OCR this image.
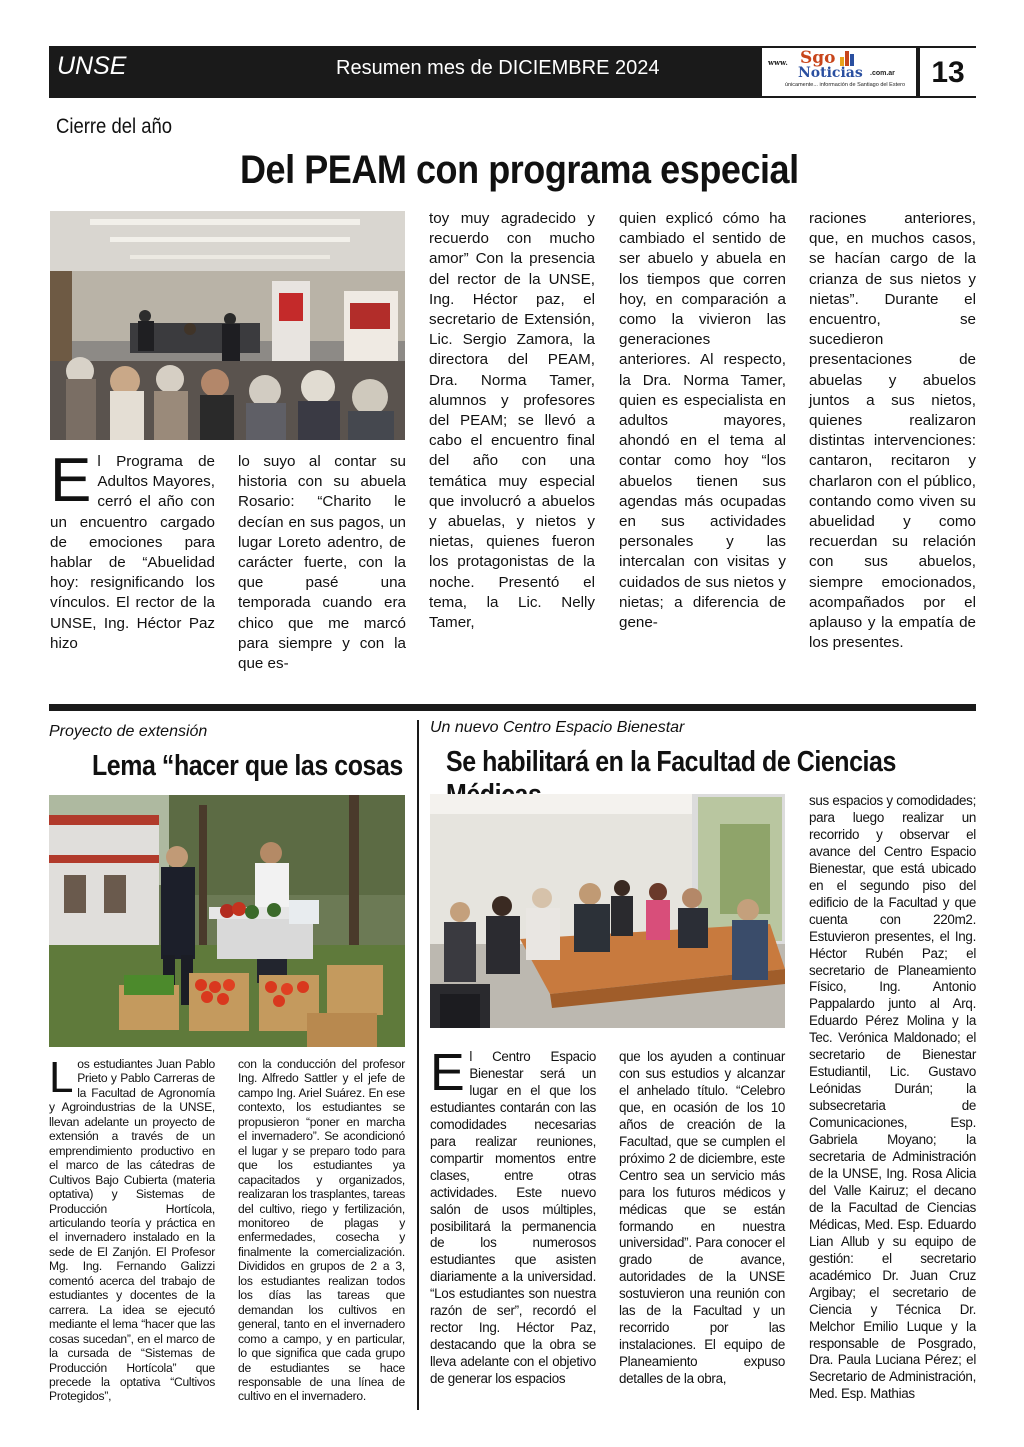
UNSE	Resumen mes de DICIEMBRE 2024	www. Sgo
Noticias .com.ar
únicamente... información de Santiago del Estero 13
Cierre del año
Del PEAM con programa especial
E l Programa de Adultos Mayores, cerró el año con un encuentro cargado de emociones para hablar de “Abuelidad hoy: resignificando los vínculos. El rector de la UNSE, Ing. Héctor Paz hizo
lo suyo al contar su historia con su abuela Rosario: “Charito le decían en sus pagos, un lugar Loreto adentro, de carácter fuerte, con la que pasé una temporada cuando era chico que me marcó para siempre y con la que es-
toy muy agradecido y recuerdo con mucho amor” Con la presencia del rector de la UNSE, Ing. Héctor paz, el secretario de Extensión, Lic. Sergio Zamora, la directora del PEAM, Dra. Norma Tamer, alumnos y profesores del PEAM; se llevó a cabo el encuentro final del año con una temática muy especial que involucró a abuelos y abuelas, y nietos y nietas, quienes fueron los protagonistas de la noche. Presentó el tema, la Lic. Nelly Tamer,
quien explicó cómo ha cambiado el sentido de ser abuelo y abuela en los tiempos que corren hoy, en comparación a como la vivieron las generaciones anteriores. Al respecto, la Dra. Norma Tamer, quien es especialista en adultos mayores, ahondó en el tema al contar como hoy “los abuelos tienen sus agendas más ocupadas en sus actividades personales y las intercalan con visitas y cuidados de sus nietos y nietas; a diferencia de gene-
raciones anteriores, que, en muchos casos, se hacían cargo de la crianza de sus nietos y nietas”. Durante el encuentro, se sucedieron presentaciones de abuelas y abuelos juntos a sus nietos, quienes realizaron distintas intervenciones: cantaron, recitaron y charlaron con el público, contando como viven su abuelidad y como recuerdan su relación con sus abuelos, siempre emocionados, acompañados por el aplauso y la empatía de los presentes.
Proyecto de extensión
Lema “hacer que las cosas
L os estudiantes Juan Pablo Prieto y Pablo Carreras de la Facultad de Agronomía y Agroindustrias de la UNSE, llevan adelante un proyecto de extensión a través de un emprendimiento productivo en el marco de las cátedras de Cultivos Bajo Cubierta (materia optativa) y Sistemas de Producción Hortícola, articulando teoría y práctica en el invernadero instalado en la sede de El Zanjón. El Profesor Mg. Ing. Fernando Galizzi comentó acerca del trabajo de estudiantes y docentes de la carrera. La idea se ejecutó mediante el lema “hacer que las cosas sucedan”, en el marco de la cursada de “Sistemas de Producción Hortícola” que precede la optativa “Cultivos Protegidos”,
con la conducción del profesor Ing. Alfredo Sattler y el jefe de campo Ing. Ariel Suárez. En ese contexto, los estudiantes se propusieron “poner en marcha el invernadero”. Se acondicionó el lugar y se preparo todo para que los estudiantes ya capacitados y organizados, realizaran los trasplantes, tareas del cultivo, riego y fertilización, monitoreo de plagas y enfermedades, cosecha y finalmente la comercialización. Divididos en grupos de 2 a 3, los estudiantes realizan todos los días las tareas que demandan los cultivos en general, tanto en el invernadero como a campo, y en particular, lo que significa que cada grupo de estudiantes se hace responsable de una línea de cultivo en el invernadero.
Un nuevo Centro Espacio Bienestar
Se habilitará en la Facultad de Ciencias
E l Centro Espacio Bienestar será un lugar en el que los estudiantes contarán con las comodidades necesarias para realizar reuniones, compartir momentos entre clases, entre otras actividades. Este nuevo salón de usos múltiples, posibilitará la permanencia de los numerosos estudiantes que asisten diariamente a la universidad. “Los estudiantes son nuestra razón de ser”, recordó el rector Ing. Héctor Paz, destacando que la obra se lleva adelante con el objetivo de generar los espacios
que los ayuden a continuar con sus estudios y alcanzar el anhelado título. “Celebro que, en ocasión de los 10 años de creación de la Facultad, que se cumplen el próximo 2 de diciembre, este Centro sea un servicio más para los futuros médicos y médicas que se están formando en nuestra universidad”. Para conocer el grado de avance, autoridades de la UNSE sostuvieron una reunión con las de la Facultad y un recorrido por las instalaciones. El equipo de Planeamiento expuso detalles de la obra,
sus espacios y comodidades; para luego realizar un recorrido y observar el avance del Centro Espacio Bienestar, que está ubicado en el segundo piso del edificio de la Facultad y que cuenta con 220m2. Estuvieron presentes, el Ing. Héctor Rubén Paz; el secretario de Planeamiento Físico, Ing. Antonio Pappalardo junto al Arq. Eduardo Pérez Molina y la Tec. Verónica Maldonado; el secretario de Bienestar Estudiantil, Lic. Gustavo Leónidas Durán; la subsecretaria de Comunicaciones, Esp. Gabriela Moyano; la secretaria de Administración de la UNSE, Ing. Rosa Alicia del Valle Kairuz; el decano de la Facultad de Ciencias Médicas, Med. Esp. Eduardo Lian Allub y su equipo de gestión: el secretario académico Dr. Juan Cruz Argibay; el secretario de Ciencia y Técnica Dr. Melchor Emilio Luque y la responsable de Posgrado, Dra. Paula Luciana Pérez; el Secretario de Administración, Med. Esp. Mathias
